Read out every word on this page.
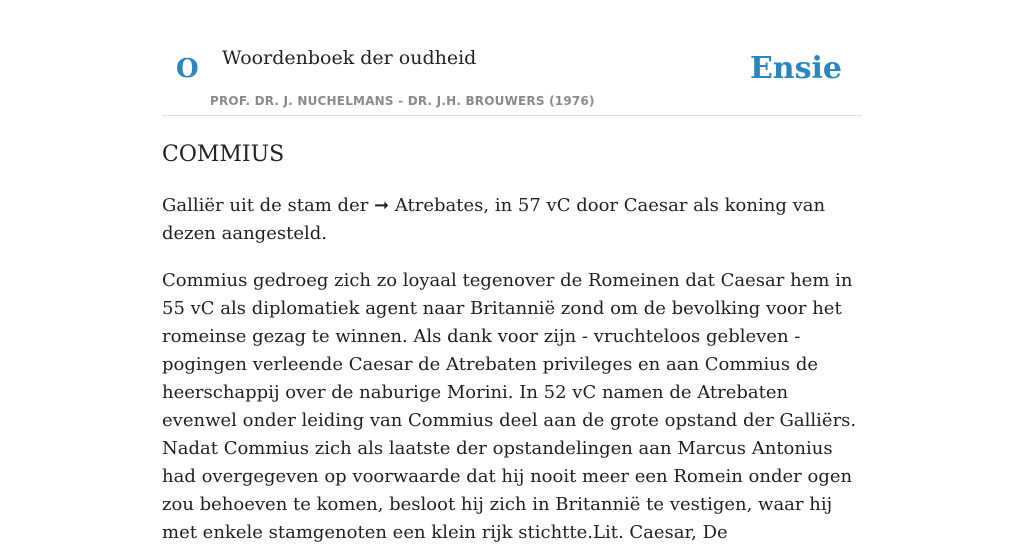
O Woordenboek der oudheid
PROF. DR. J. NUCHELMANS - DR. J.H. BROUWERS (1976)
Ensie
COMMIUS

Galliër uit de stam der ➞ Atrebates, in 57 vC door Caesar als koning van dezen aangesteld.

Commius gedroeg zich zo loyaal tegenover de Romeinen dat Caesar hem in 55 vC als diplomatiek agent naar Britannië zond om de bevolking voor het romeinse gezag te winnen. Als dank voor zijn - vruchteloos gebleven - pogingen verleende Caesar de Atrebaten privileges en aan Commius de heerschappij over de naburige Morini. In 52 vC namen de Atrebaten evenwel onder leiding van Commius deel aan de grote opstand der Galliërs. Nadat Commius zich als laatste der opstandelingen aan Marcus Antonius had overgegeven op voorwaarde dat hij nooit meer een Romein onder ogen zou behoeven te komen, besloot hij zich in Britannië te vestigen, waar hij met enkele stamgenoten een klein rijk stichtte.Lit. Caesar, De
